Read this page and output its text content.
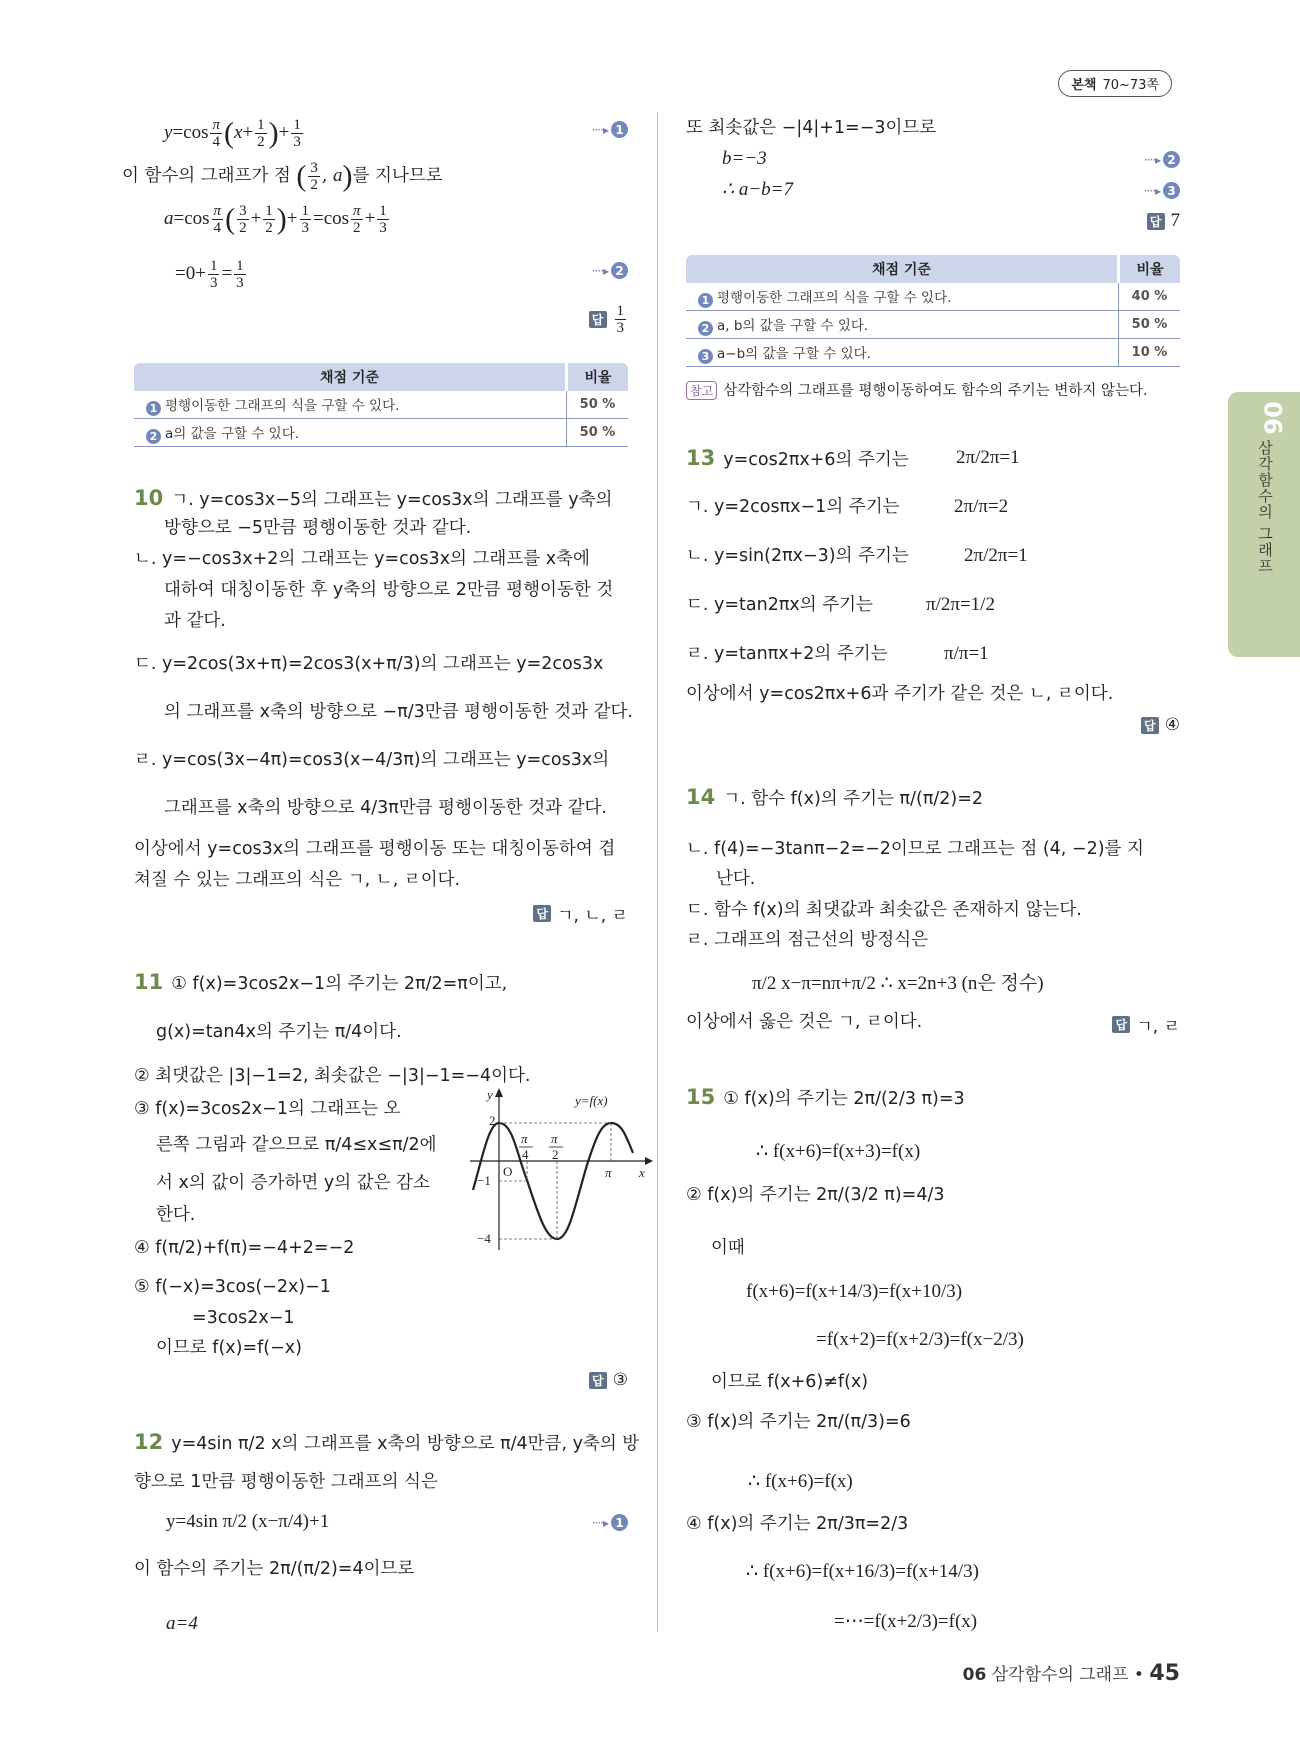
본책 70~73쪽
06
삼각함수의 그래프
$y=\cos \frac{\pi}{4} (x+ \frac{1}{2}$ )+ $\frac{1}{3}$	····▸ 1
이 함수의 그래프가 점 ( $\frac{3}{2}$ , a)를 지나므로
$a=\cos \frac{\pi}{4}$ ( $\frac{3}{2} + \frac{1}{2}$ )+ $\frac{1}{3} =\cos \frac{\pi}{2} + \frac{1}{3}$
$=0+ \frac{1}{3} = \frac{1}{3}$	····▸ 2
답 $\frac{1}{3}$
채점 기준	비율
1 평행이동한 그래프의 식을 구할 수 있다.	50 %
2 a의 값을 구할 수 있다.	50 %
10 ㄱ. y=cos3x−5의 그래프는 y=cos3x의 그래프를 y축의
방향으로 −5만큼 평행이동한 것과 같다.
ㄴ. y=−cos3x+2의 그래프는 y=cos3x의 그래프를 x축에
대하여 대칭이동한 후 y축의 방향으로 2만큼 평행이동한 것
과 같다.
ㄷ. y=2cos(3x+π)=2cos3(x+π/3)의 그래프는 y=2cos3x
의 그래프를 x축의 방향으로 −π/3만큼 평행이동한 것과 같다.
ㄹ. y=cos(3x−4π)=cos3(x−4/3π)의 그래프는 y=cos3x의
그래프를 x축의 방향으로 4/3π만큼 평행이동한 것과 같다.
이상에서 y=cos3x의 그래프를 평행이동 또는 대칭이동하여 겹
쳐질 수 있는 그래프의 식은 ㄱ, ㄴ, ㄹ이다.
답 ㄱ, ㄴ, ㄹ
11 ① f(x)=3cos2x−1의 주기는 2π/2=π이고,
g(x)=tan4x의 주기는 π/4이다.
② 최댓값은 |3|−1=2, 최솟값은 −|3|−1=−4이다.
③ f(x)=3cos2x−1의 그래프는 오
른쪽 그림과 같으므로 π/4≤x≤π/2에
서 x의 값이 증가하면 y의 값은 감소
한다.
④ f(π/2)+f(π)=−4+2=−2
⑤ f(−x)=3cos(−2x)−1
=3cos2x−1
이므로 f(x)=f(−x)
답 ③
12 y=4sin π/2 x의 그래프를 x축의 방향으로 π/4만큼, y축의 방
향으로 1만큼 평행이동한 그래프의 식은
y=4sin π/2 (x−π/4)+1	····▸ 1
이 함수의 주기는 2π/(π/2)=4이므로
a=4
y
2
−1
−4
O
π
4
π
2
π x
y=f(x)
또 최솟값은 −|4|+1=−3이므로
b=−3	····▸ 2
∴ a−b=7	····▸ 3
답 7
채점 기준	비율
1 평행이동한 그래프의 식을 구할 수 있다.	40 %
2 a, b의 값을 구할 수 있다.	50 %
3 a−b의 값을 구할 수 있다.	10 %
참고 삼각함수의 그래프를 평행이동하여도 함수의 주기는 변하지 않는다.
13 y=cos2πx+6의 주기는 2π/2π=1
ㄱ. y=2cosπx−1의 주기는	2π/π=2
ㄴ. y=sin(2πx−3)의 주기는	2π/2π=1
ㄷ. y=tan2πx의 주기는	π/2π=1/2
ㄹ. y=tanπx+2의 주기는	π/π=1
이상에서 y=cos2πx+6과 주기가 같은 것은 ㄴ, ㄹ이다.
답 ④
14 ㄱ. 함수 f(x)의 주기는 π/(π/2)=2
ㄴ. f(4)=−3tanπ−2=−2이므로 그래프는 점 (4, −2)를 지
난다.
ㄷ. 함수 f(x)의 최댓값과 최솟값은 존재하지 않는다.
ㄹ. 그래프의 점근선의 방정식은
π/2 x−π=nπ+π/2 ∴ x=2n+3 (n은 정수)
이상에서 옳은 것은 ㄱ, ㄹ이다.	답 ㄱ, ㄹ
15 ① f(x)의 주기는 2π/(2/3 π)=3
∴ f(x+6)=f(x+3)=f(x)
② f(x)의 주기는 2π/(3/2 π)=4/3
이때
f(x+6)=f(x+14/3)=f(x+10/3)
=f(x+2)=f(x+2/3)=f(x−2/3)
이므로 f(x+6)≠f(x)
③ f(x)의 주기는 2π/(π/3)=6
∴ f(x+6)=f(x)
④ f(x)의 주기는 2π/3π=2/3
∴ f(x+6)=f(x+16/3)=f(x+14/3)
=⋯=f(x+2/3)=f(x)
06 삼각함수의 그래프 • 45
